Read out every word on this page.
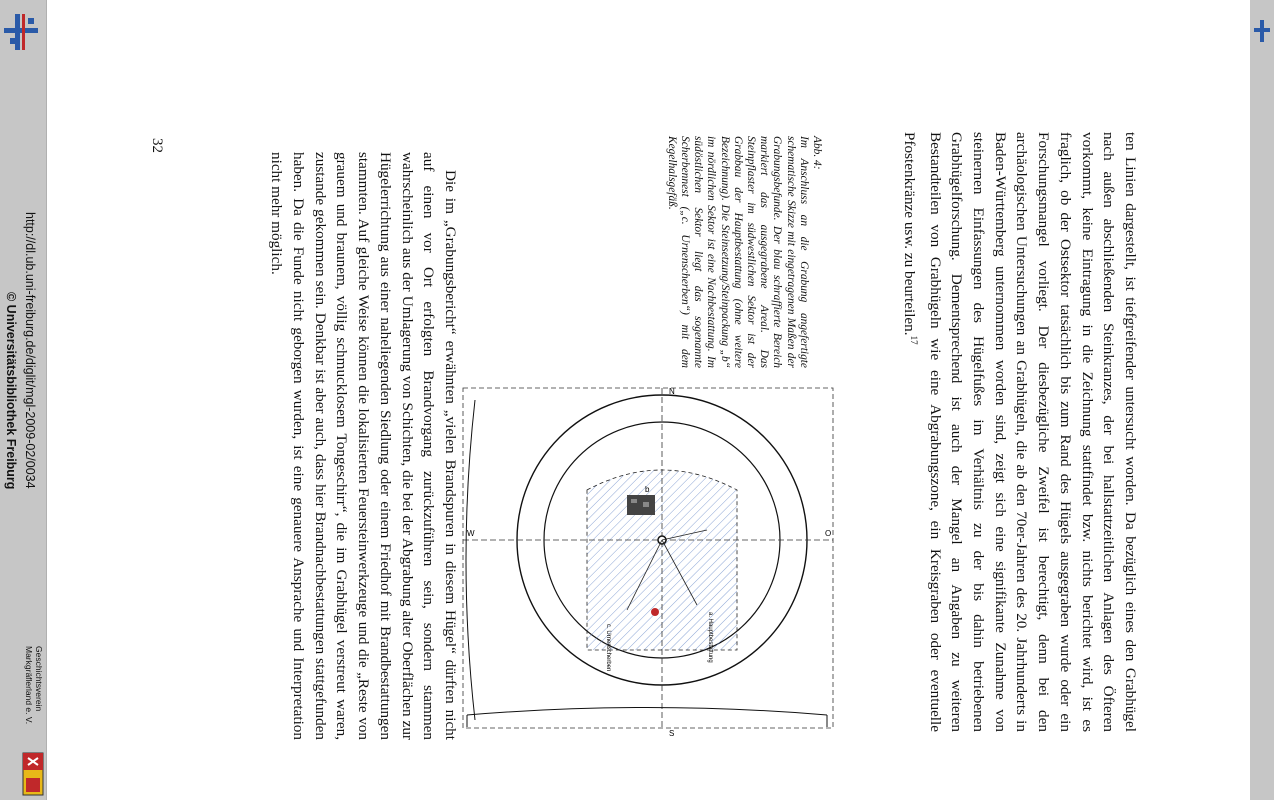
http://dl.ub.uni-freiburg.de/diglit/mgl-2009-02/0034
© Universitätsbibliothek Freiburg
Geschichtsverein
Markgräflerland e. V.
32	ten Linien dargestellt, ist tiefgreifender untersucht worden. Da bezüglich eines den Grabhügel nach außen abschließenden Steinkranzes, der bei hallstattzeitlichen Anlagen des Öfteren vorkommt, keine Eintragung in die Zeichnung stattfindet bzw. nichts berichtet wird, ist es fraglich, ob der Ostsektor tatsächlich bis zum Rand des Hügels ausgegraben wurde oder ein Forschungsmangel vorliegt. Der diesbezügliche Zweifel ist berechtigt, denn bei den archäologischen Untersuchungen an Grabhügeln, die ab den 70er-Jahren des 20. Jahrhunderts in Baden-Württemberg unternommen worden sind, zeigt sich eine signifikante Zunahme von steinernen Einfassungen des Hügelfußes im Verhältnis zu der bis dahin betriebenen Grabhügelforschung. Dementsprechend ist auch der Mangel an Angaben zu weiteren Bestandteilen von Grabhügeln wie eine Abgrabungszone, ein Kreisgraben oder eventuelle Pfostenkränze usw. zu beurteilen.$^{17}$

Abb. 4:

Im Anschluss an die Grabung angefertigte schematische Skizze mit eingetragenen Maßen der Grabungsbefunde. Der blau schraffierte Bereich markiert das ausgegrabene Areal. Das Steinpflaster im südwestlichen Sektor ist der Grabbau der Hauptbestattung (ohne weitere Bezeichnung). Die Steinsetzung/Steinpackung „b“ im nördlichen Sektor ist eine Nachbestattung. Im südöstlichen Sektor liegt das sogenannte Scherbennest („c. Urnenscherben“) mit dem Kegelhalsgefäß.

N
S
W	O
b
c. Urnenscherben	a. Hauptbestattung

Die im „Grabungsbericht“ erwähnten „vielen Brandspuren in diesem Hügel“ dürften nicht auf einen vor Ort erfolgten Brandvorgang zurückzuführen sein, sondern stammen wahrscheinlich aus der Umlagerung von Schichten, die bei der Abgrabung alter Oberflächen zur Hügelerrichtung aus einer naheliegenden Siedlung oder einem Friedhof mit Brandbestattungen stammten. Auf gleiche Weise können die lokalisierten Feuersteinwerkzeuge und die „Reste von grauem und braunem, völlig schmucklosem Tongeschirr“, die im Grabhügel verstreut waren, zustande gekommen sein. Denkbar ist aber auch, dass hier Brandnachbestattungen stattgefunden haben. Da die Funde nicht geborgen wurden, ist eine genauere Ansprache und Interpretation nicht mehr möglich.
